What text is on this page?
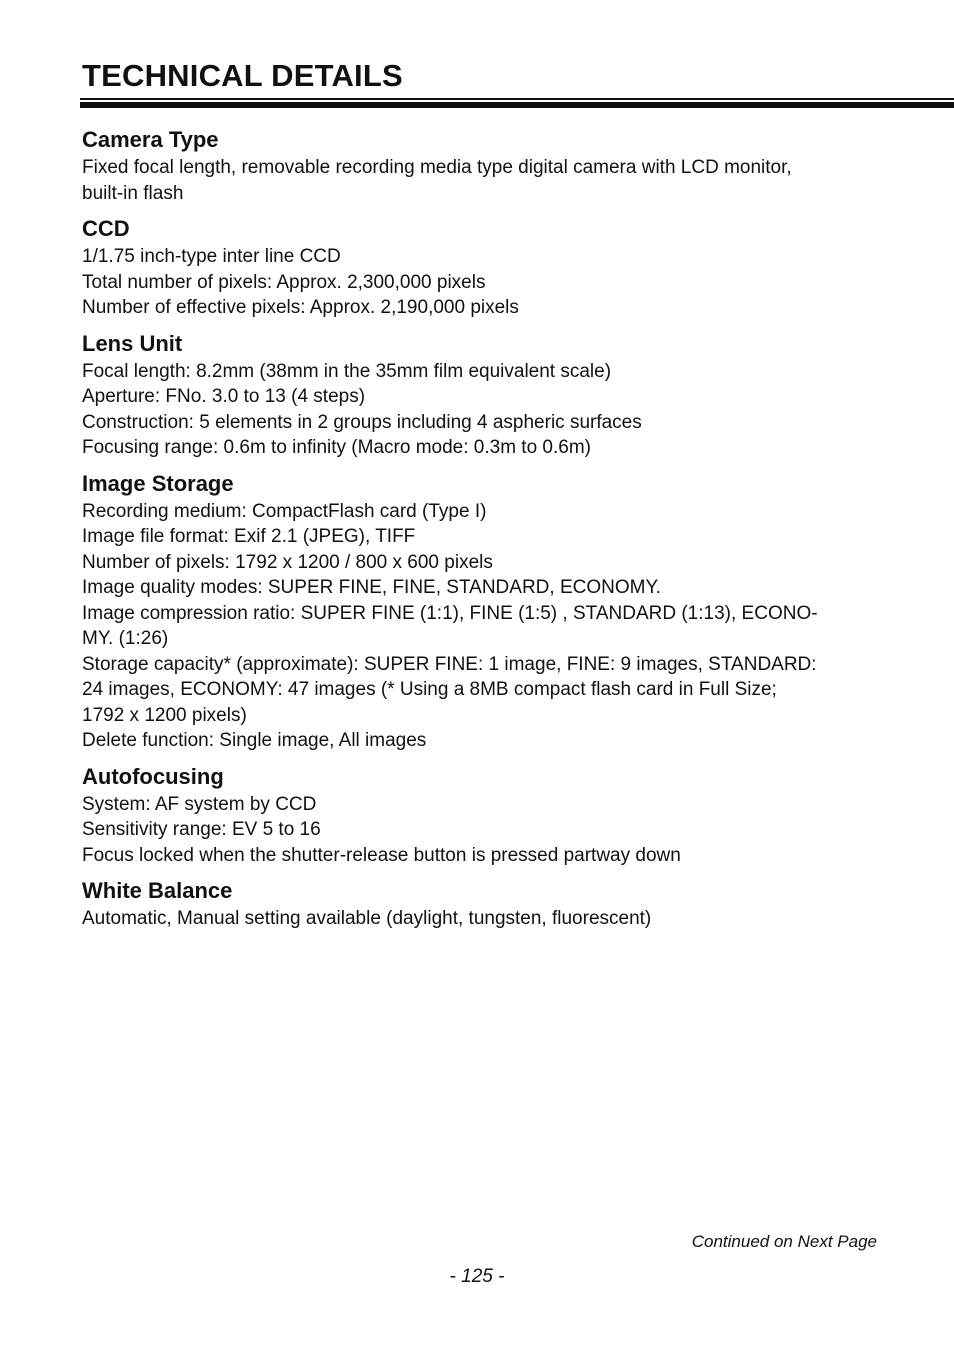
TECHNICAL DETAILS
Camera Type

Fixed focal length, removable recording media type digital camera with LCD monitor,

built-in flash

CCD

1/1.75 inch-type inter line CCD

Total number of pixels: Approx. 2,300,000 pixels

Number of effective pixels: Approx. 2,190,000 pixels

Lens Unit

Focal length: 8.2mm (38mm in the 35mm film equivalent scale)

Aperture: FNo. 3.0 to 13 (4 steps)

Construction: 5 elements in 2 groups including 4 aspheric surfaces

Focusing range: 0.6m to infinity (Macro mode: 0.3m to 0.6m)

Image Storage

Recording medium: CompactFlash card (Type I)

Image file format: Exif 2.1 (JPEG), TIFF

Number of pixels: 1792 x 1200 / 800 x 600 pixels

Image quality modes: SUPER FINE, FINE, STANDARD, ECONOMY.

Image compression ratio: SUPER FINE (1:1), FINE (1:5) , STANDARD (1:13), ECONO-

MY. (1:26)

Storage capacity* (approximate): SUPER FINE: 1 image, FINE: 9 images, STANDARD:

24 images, ECONOMY: 47 images (* Using a 8MB compact flash card in Full Size;

1792 x 1200 pixels)

Delete function: Single image, All images

Autofocusing

System: AF system by CCD

Sensitivity range: EV 5 to 16

Focus locked when the shutter-release button is pressed partway down

White Balance

Automatic, Manual setting available (daylight, tungsten, fluorescent)

Continued on Next Page
- 125 -
